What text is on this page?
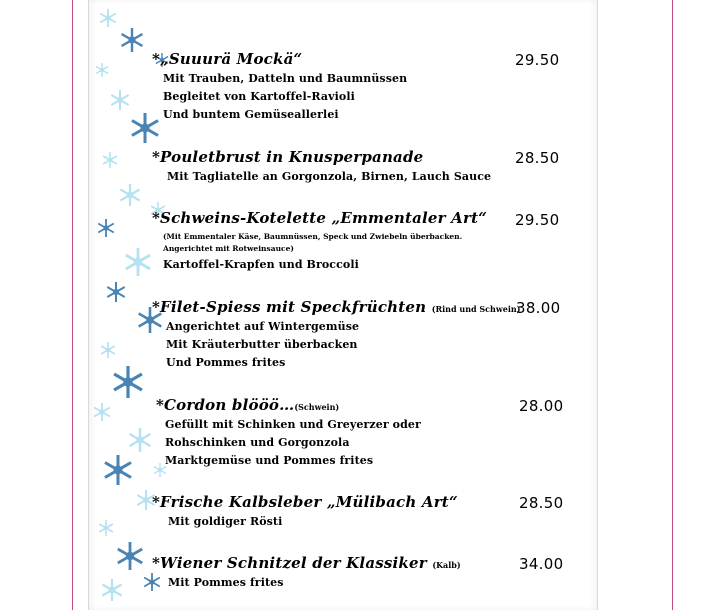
*„Suuurä Mockä“	29.50
Mit Trauben, Datteln und Baumnüssen
Begleitet von Kartoffel-Ravioli
Und buntem Gemüseallerlei
*Pouletbrust in Knusperpanade	28.50
Mit Tagliatelle an Gorgonzola, Birnen, Lauch Sauce
*Schweins-Kotelette „Emmentaler Art“ 29.50
(Mit Emmentaler Käse, Baumnüssen, Speck und Zwiebeln überbacken.
Angerichtet mit Rotweinsauce)
Kartoffel-Krapfen und Broccoli
*Filet-Spiess mit Speckfrüchten (Rind und Schwein)
38.00
Angerichtet auf Wintergemüse
Mit Kräuterbutter überbacken
Und Pommes frites
*Cordon blööö…(Schwein)	28.00
Gefüllt mit Schinken und Greyerzer oder
Rohschinken und Gorgonzola
Marktgemüse und Pommes frites
*Frische Kalbsleber „Mülibach Art“	28.50
Mit goldiger Rösti
*Wiener Schnitzel der Klassiker (Kalb)	34.00
Mit Pommes frites
